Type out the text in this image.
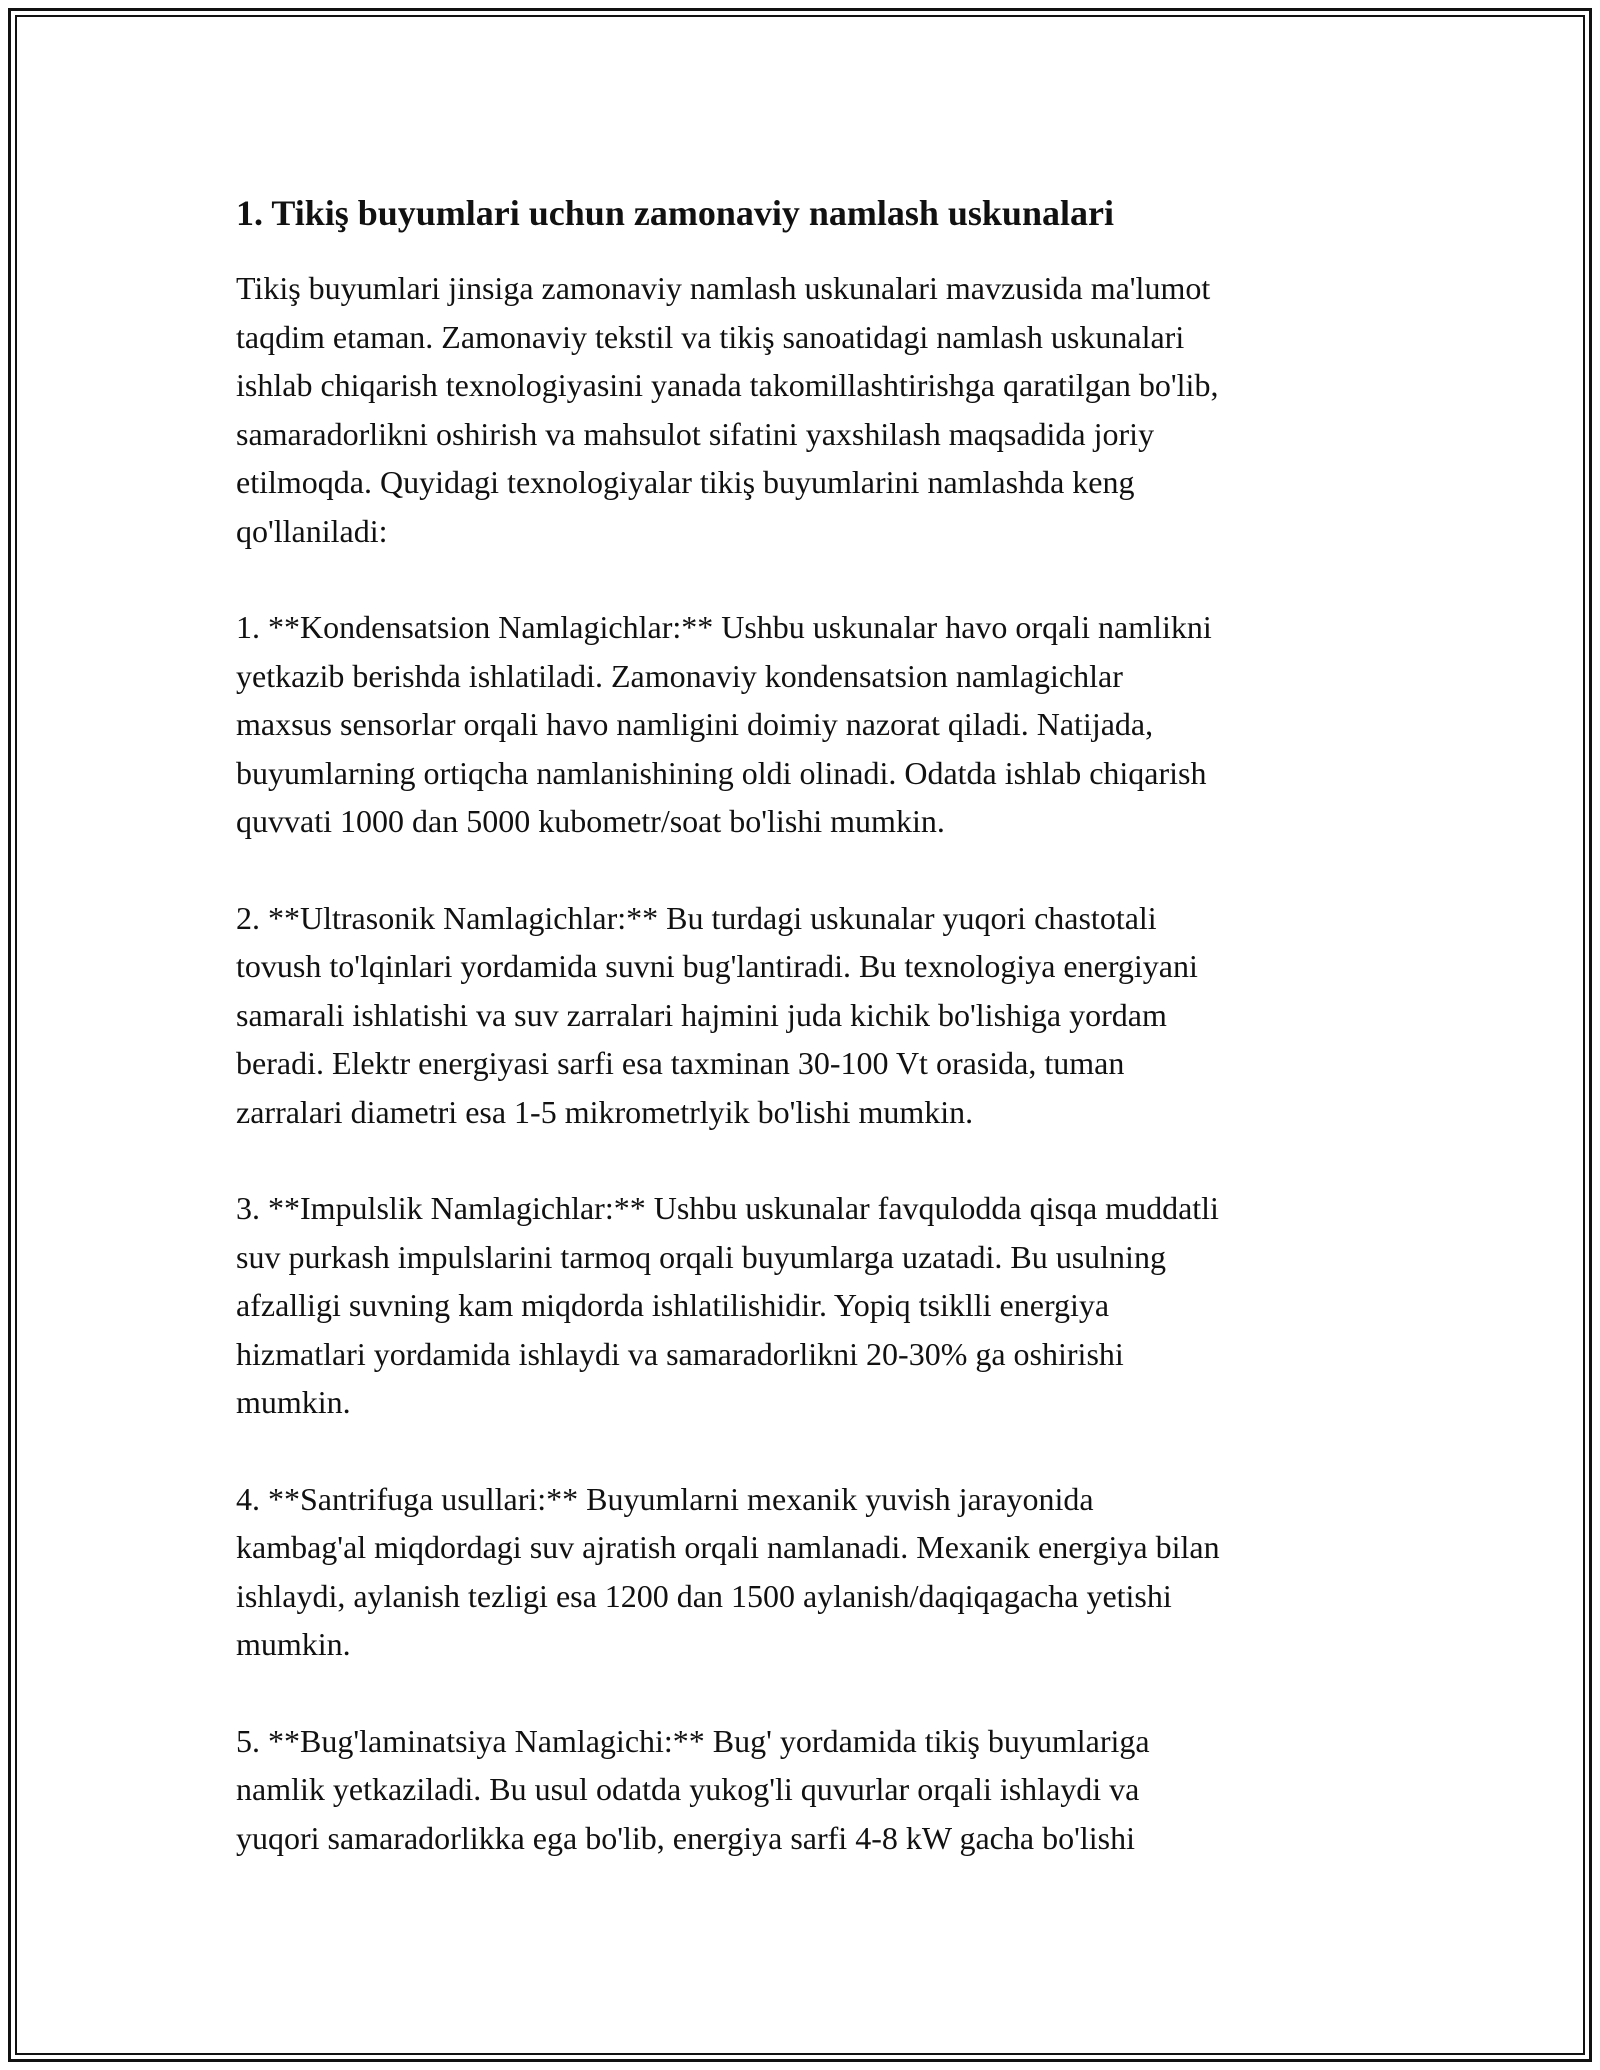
1. Tikiş buyumlari uchun zamonaviy namlash uskunalari

Tikiş buyumlari jinsiga zamonaviy namlash uskunalari mavzusida ma'lumot
taqdim etaman. Zamonaviy tekstil va tikiş sanoatidagi namlash uskunalari
ishlab chiqarish texnologiyasini yanada takomillashtirishga qaratilgan bo'lib,
samaradorlikni oshirish va mahsulot sifatini yaxshilash maqsadida joriy
etilmoqda. Quyidagi texnologiyalar tikiş buyumlarini namlashda keng
qo'llaniladi:

1. **Kondensatsion Namlagichlar:** Ushbu uskunalar havo orqali namlikni
yetkazib berishda ishlatiladi. Zamonaviy kondensatsion namlagichlar
maxsus sensorlar orqali havo namligini doimiy nazorat qiladi. Natijada,
buyumlarning ortiqcha namlanishining oldi olinadi. Odatda ishlab chiqarish
quvvati 1000 dan 5000 kubometr/soat bo'lishi mumkin.

2. **Ultrasonik Namlagichlar:** Bu turdagi uskunalar yuqori chastotali
tovush to'lqinlari yordamida suvni bug'lantiradi. Bu texnologiya energiyani
samarali ishlatishi va suv zarralari hajmini juda kichik bo'lishiga yordam
beradi. Elektr energiyasi sarfi esa taxminan 30-100 Vt orasida, tuman
zarralari diametri esa 1-5 mikrometrlyik bo'lishi mumkin.

3. **Impulslik Namlagichlar:** Ushbu uskunalar favqulodda qisqa muddatli
suv purkash impulslarini tarmoq orqali buyumlarga uzatadi. Bu usulning
afzalligi suvning kam miqdorda ishlatilishidir. Yopiq tsiklli energiya
hizmatlari yordamida ishlaydi va samaradorlikni 20-30% ga oshirishi
mumkin.

4. **Santrifuga usullari:** Buyumlarni mexanik yuvish jarayonida
kambag'al miqdordagi suv ajratish orqali namlanadi. Mexanik energiya bilan
ishlaydi, aylanish tezligi esa 1200 dan 1500 aylanish/daqiqagacha yetishi
mumkin.

5. **Bug'laminatsiya Namlagichi:** Bug' yordamida tikiş buyumlariga
namlik yetkaziladi. Bu usul odatda yukog'li quvurlar orqali ishlaydi va
yuqori samaradorlikka ega bo'lib, energiya sarfi 4-8 kW gacha bo'lishi
